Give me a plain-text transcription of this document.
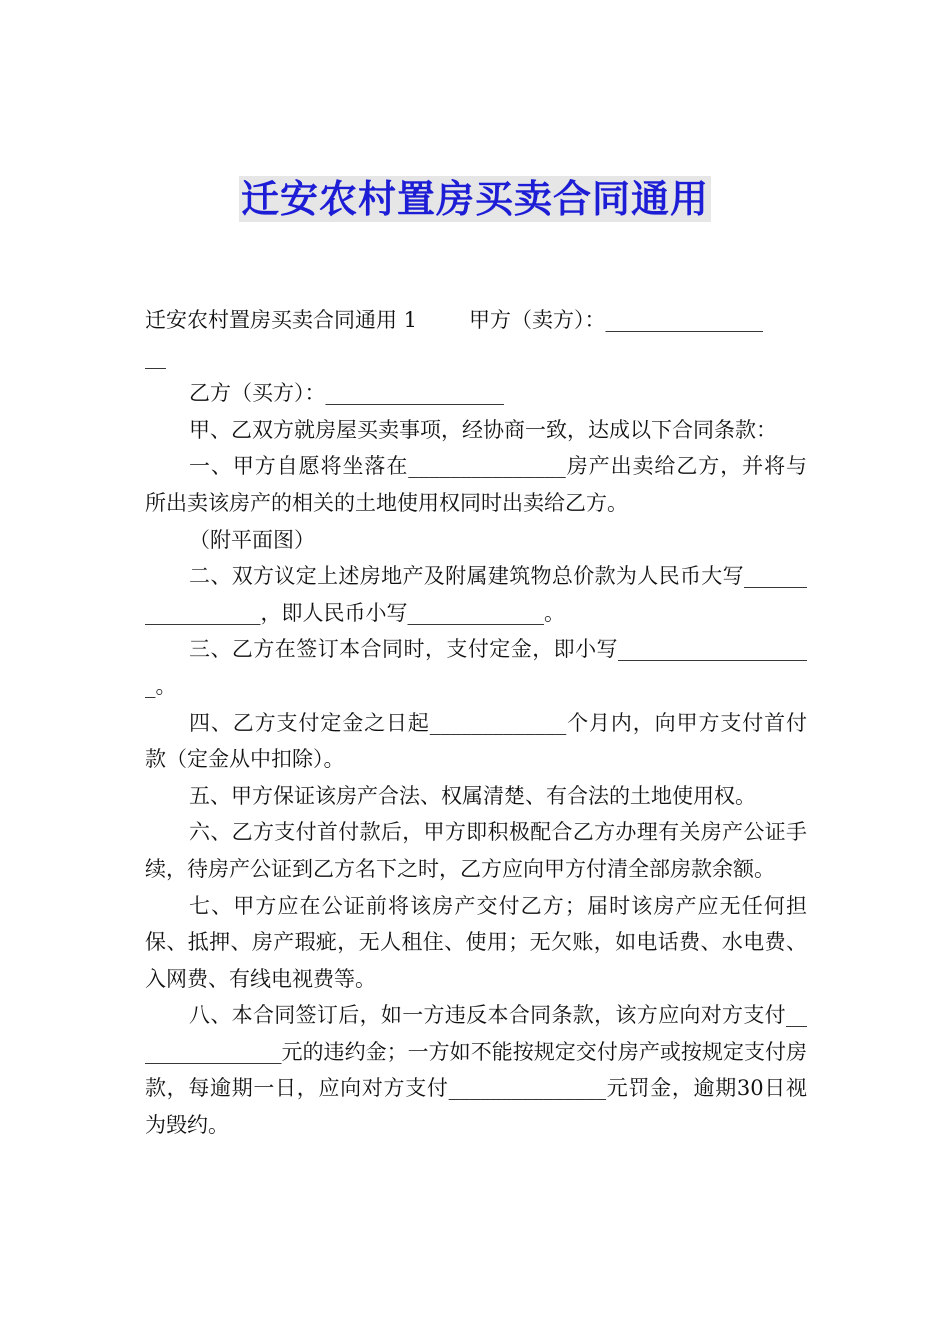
迁安农村置房买卖合同通用

迁安农村置房买卖合同通用 1 甲方（卖方）：_______________
__

乙方（买方）：_________________

甲、乙双方就房屋买卖事项，经协商一致，达成以下合同条款：

一、甲方自愿将坐落在_______________房产出卖给乙方，并将与所出卖该房产的相关的土地使用权同时出卖给乙方。

（附平面图）

二、双方议定上述房地产及附属建筑物总价款为人民币大写_________________，即人民币小写_____________。

三、乙方在签订本合同时，支付定金，即小写___________________。

四、乙方支付定金之日起_____________个月内，向甲方支付首付款（定金从中扣除）。

五、甲方保证该房产合法、权属清楚、有合法的土地使用权。

六、乙方支付首付款后，甲方即积极配合乙方办理有关房产公证手续，待房产公证到乙方名下之时，乙方应向甲方付清全部房款余额。

七、甲方应在公证前将该房产交付乙方；届时该房产应无任何担保、抵押、房产瑕疵，无人租住、使用；无欠账，如电话费、水电费、入网费、有线电视费等。

八、本合同签订后，如一方违反本合同条款，该方应向对方支付_______________元的违约金；一方如不能按规定交付房产或按规定支付房款，每逾期一日，应向对方支付_______________元罚金，逾期30日视为毁约。
